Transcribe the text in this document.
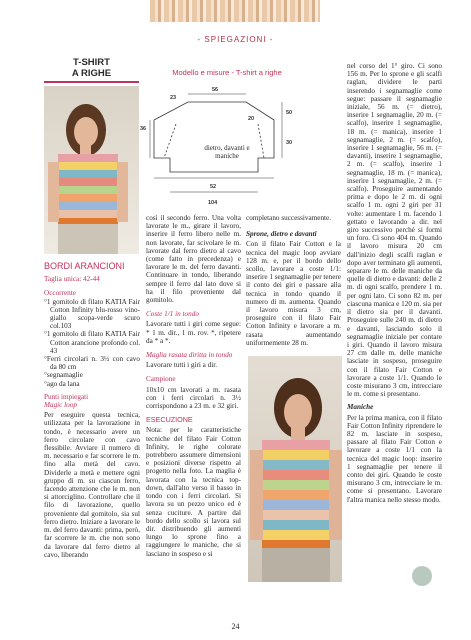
- SPIEGAZIONI -
T-SHIRT
A RIGHE
BORDI ARANCIONI

Taglia unica: 42-44

Occorrente

° 1 gomitolo di filato KATIA Fair Cotton Infinity blu-rosso vino-giallo scopa-verde scuro col.103
° 1 gomitolo di filato KATIA Fair Cotton arancione profondo col. 43
° Ferri circolari n. 3½ con cavo da 80 cm
° segnamaglie
° ago da lana

Punti impiegati

Magic loop

Per eseguire questa tecnica, utilizzata per la lavorazione in tondo, è necessario avere un ferro circolare con cavo flessibile. Avviare il numero di m. necessario e far scorrere le m. fino alla metà del cavo. Dividerle a metà e mettere ogni gruppo di m. su ciascun ferro, facendo attenzione che le m. non si attorciglino. Controllare che il filo di lavorazione, quello proveniente dal gomitolo, sia sul ferro dietro. Iniziare a lavorare le m. del ferro davanti: prima, però, far scorrere le m. che non sono da lavorare dal ferro dietro al cavo, liberando

Modello e misure - T-shirt a righe
23
56
36
20
50
30
52
104
dietro, davanti e maniche

così il secondo ferro. Una volta lavorate le m., girare il lavoro, inserire il ferro libero nelle m. non lavorate, far scivolare le m. lavorate dal ferro dietro al cavo (come fatto in precedenza) e lavorare le m. del ferro davanti. Continuare in tondo, liberando sempre il ferro dal lato dove si ha il filo proveniente dal gomitolo.

Coste 1/1 in tondo

Lavorare tutti i giri come segue: * 1 m. dir., 1 m. rov. *, ripetere da * a *.

Maglia rasata diritta in tondo

Lavorare tutti i giri a dir.

Campione

10x10 cm lavorati a m. rasata con i ferri circolari n. 3½ corrispondono a 23 m. e 32 giri.

ESECUZIONE

Nota: per le caratteristiche tecniche del filato Fair Cotton Infinity, le righe colorate potrebbero assumere dimensioni e posizioni diverse rispetto al progetto nella foto. La maglia è lavorata con la tecnica top-down, dall'alto verso il basso in tondo con i ferri circolari. Si lavora su un pezzo unico ed è senza cuciture. A partire dal bordo dello scollo si lavora sul dir. distribuendo gli aumenti lungo lo sprone fino a raggiungere le maniche, che si lasciano in sospeso e si

completano successivamente.

Sprone, dietro e davanti

Con il filato Fair Cotton e la tecnica del magic loop avviare 128 m. e, per il bordo dello scollo, lavorare a coste 1/1: inserire 1 segnamaglie per tenere il conto dei giri e passare alla tecnica in tondo quando il numero di m. aumenta. Quando il lavoro misura 3 cm, proseguire con il filato Fair Cotton Infinity e lavorare a m. rasata aumentando uniformemente 28 m.

nel corso del 1° giro. Ci sono 156 m. Per lo sprone e gli scalfi raglan, dividere le parti inserendo i segnamaglie come segue: passare il segnamaglie iniziale, 56 m. (= dietro), inserire 1 segnamaglie, 20 m. (= scalfo), inserire 1 segnamaglie, 18 m. (= manica), inserire 1 segnamaglie, 2 m. (= scalfo), inserire 1 segnamaglie, 56 m. (= davanti), inserire 1 segnamaglie, 2 m. (= scalfo), inserire 1 segnamaglie, 18 m. (= manica), inserire 1 segnamaglie, 2 m. (= scalfo). Proseguire aumentando prima e dopo le 2 m. di ogni scalfo 1 m. ogni 2 giri per 31 volte: aumentare 1 m. facendo 1 gettato e lavorando a dir. nel giro successivo perché si formi un foro. Ci sono 404 m. Quando il lavoro misura 20 cm dall'inizio degli scalfi raglan e dopo aver terminato gli aumenti, separare le m. delle maniche da quelle di dietro e davanti: delle 2 m. di ogni scalfo, prendere 1 m. per ogni lato. Ci sono 82 m. per ciascuna manica e 120 m. sia per il dietro sia per il davanti. Proseguire sulle 240 m. di dietro e davanti, lasciando solo il segnamaglie iniziale per contare i giri. Quando il lavoro misura 27 cm dalle m. delle maniche lasciate in sospeso, proseguire con il filato Fair Cotton e lavorare a coste 1/1. Quando le coste misurano 3 cm, intrecciare le m. come si presentano.

Maniche

Per la prima manica, con il filato Fair Cotton Infinity riprendere le 82 m. lasciate in sospeso, passare al filato Fair Cotton e lavorare a coste 1/1 con la tecnica del magic loop: inserire 1 segnamaglie per tenere il conto dei giri. Quando le coste misurano 3 cm, intrecciare le m. come si presentano. Lavorare l'altra manica nello stesso modo.

24
